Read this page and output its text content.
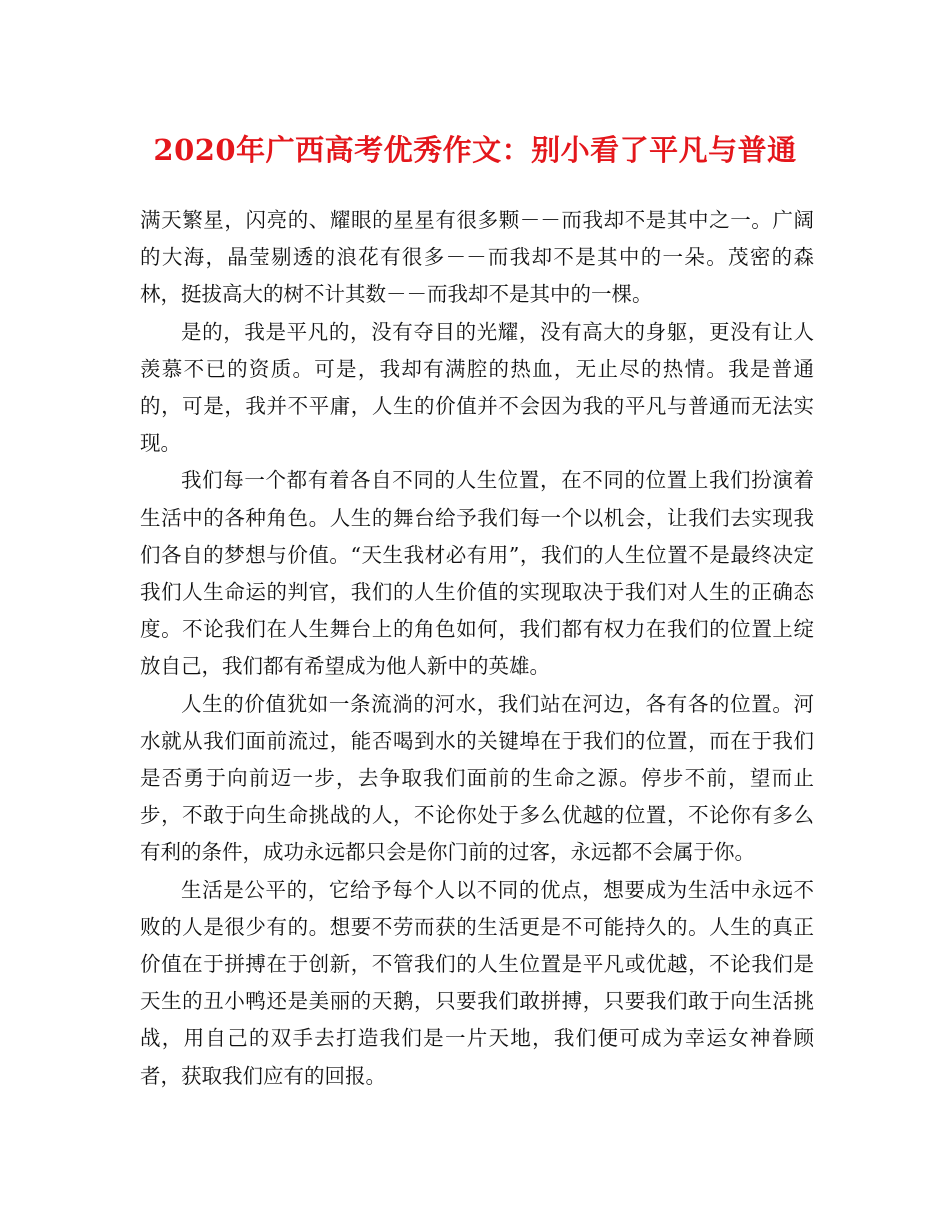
2020年广西高考优秀作文：别小看了平凡与普通

满天繁星，闪亮的、耀眼的星星有很多颗－－而我却不是其中之一。广阔的大海，晶莹剔透的浪花有很多－－而我却不是其中的一朵。茂密的森林，挺拔高大的树不计其数－－而我却不是其中的一棵。

是的，我是平凡的，没有夺目的光耀，没有高大的身躯，更没有让人羡慕不已的资质。可是，我却有满腔的热血，无止尽的热情。我是普通的，可是，我并不平庸，人生的价值并不会因为我的平凡与普通而无法实现。

我们每一个都有着各自不同的人生位置，在不同的位置上我们扮演着生活中的各种角色。人生的舞台给予我们每一个以机会，让我们去实现我们各自的梦想与价值。“天生我材必有用”，我们的人生位置不是最终决定我们人生命运的判官，我们的人生价值的实现取决于我们对人生的正确态度。不论我们在人生舞台上的角色如何，我们都有权力在我们的位置上绽放自己，我们都有希望成为他人新中的英雄。

人生的价值犹如一条流淌的河水，我们站在河边，各有各的位置。河水就从我们面前流过，能否喝到水的关键埠在于我们的位置，而在于我们是否勇于向前迈一步，去争取我们面前的生命之源。停步不前，望而止步，不敢于向生命挑战的人，不论你处于多么优越的位置，不论你有多么有利的条件，成功永远都只会是你门前的过客，永远都不会属于你。

生活是公平的，它给予每个人以不同的优点，想要成为生活中永远不败的人是很少有的。想要不劳而获的生活更是不可能持久的。人生的真正价值在于拼搏在于创新，不管我们的人生位置是平凡或优越，不论我们是天生的丑小鸭还是美丽的天鹅，只要我们敢拼搏，只要我们敢于向生活挑战，用自己的双手去打造我们是一片天地，我们便可成为幸运女神眷顾者，获取我们应有的回报。
